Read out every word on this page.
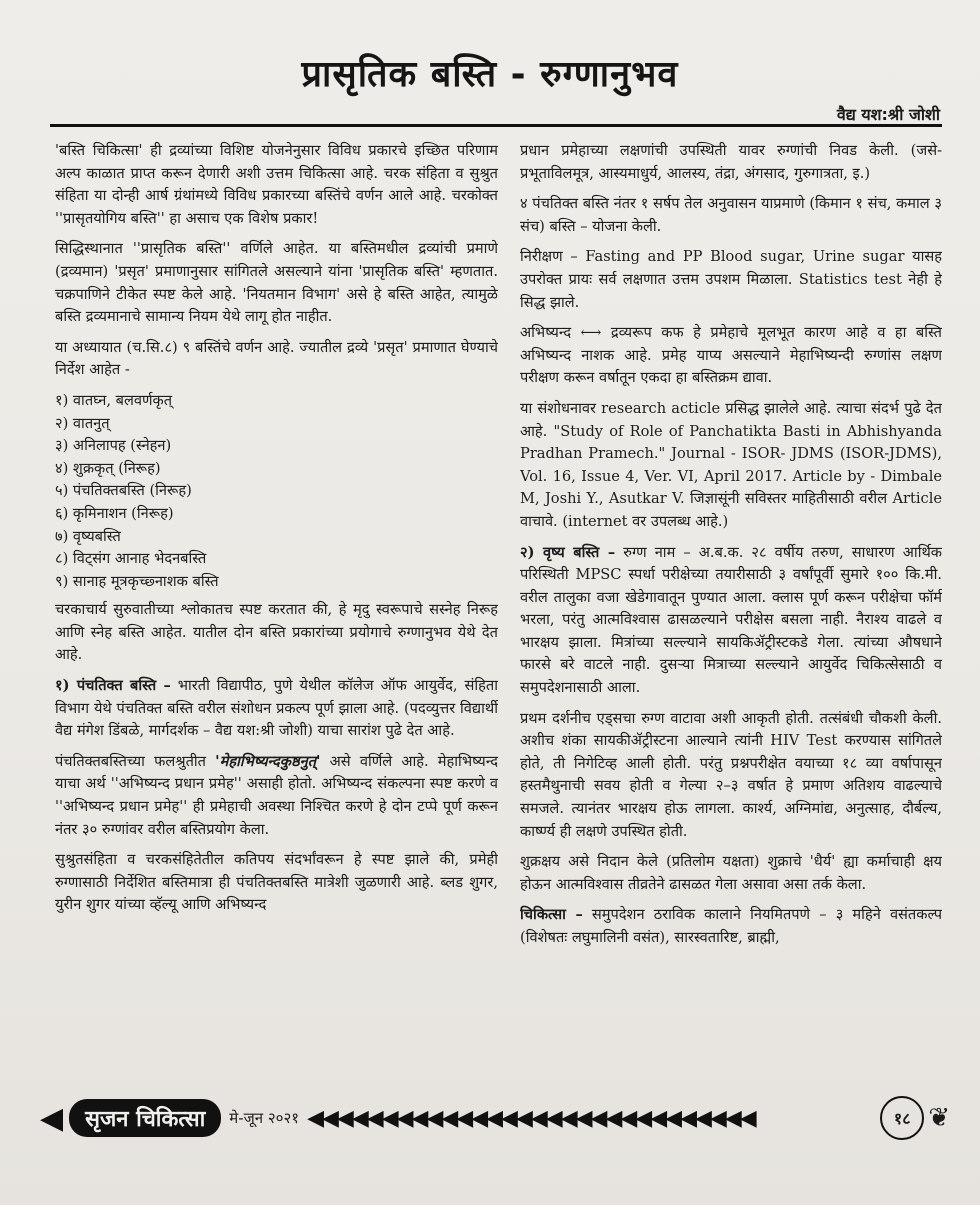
प्रासृतिक बस्ति - रुग्णानुभव
वैद्य यश:श्री जोशी

'बस्ति चिकित्सा' ही द्रव्यांच्या विशिष्ट योजनेनुसार विविध प्रकारचे इच्छित परिणाम अल्प काळात प्राप्त करून देणारी अशी उत्तम चिकित्सा आहे. चरक संहिता व सुश्रुत संहिता या दोन्ही आर्ष ग्रंथांमध्ये विविध प्रकारच्या बस्तिंचे वर्णन आले आहे. चरकोक्त ''प्रासृतयोगिय बस्ति'' हा असाच एक विशेष प्रकार!

सिद्धिस्थानात ''प्रासृतिक बस्ति'' वर्णिले आहेत. या बस्तिमधील द्रव्यांची प्रमाणे (द्रव्यमान) 'प्रसृत' प्रमाणानुसार सांगितले असल्याने यांना 'प्रासृतिक बस्ति' म्हणतात. चक्रपाणिने टीकेत स्पष्ट केले आहे. 'नियतमान विभाग' असे हे बस्ति आहेत, त्यामुळे बस्ति द्रव्यमानाचे सामान्य नियम येथे लागू होत नाहीत.

या अध्यायात (च.सि.८) ९ बस्तिंचे वर्णन आहे. ज्यातील द्रव्ये 'प्रसृत' प्रमाणात घेण्याचे निर्देश आहेत -

१) वातघ्न, बलवर्णकृत्
२) वातनुत्
३) अनिलापह (स्नेहन)
४) शुक्रकृत् (निरूह)
५) पंचतिक्तबस्ति (निरूह)
६) कृमिनाशन (निरूह)
७) वृष्यबस्ति
८) विट्संग आनाह भेदनबस्ति
९) सानाह मूत्रकृच्छ्नाशक बस्ति

चरकाचार्य सुरुवातीच्या श्लोकातच स्पष्ट करतात की, हे मृदु स्वरूपाचे सस्नेह निरूह आणि स्नेह बस्ति आहेत. यातील दोन बस्ति प्रकारांच्या प्रयोगाचे रुग्णानुभव येथे देत आहे.

१) पंचतिक्त बस्ति – भारती विद्यापीठ, पुणे येथील कॉलेज ऑफ आयुर्वेद, संहिता विभाग येथे पंचतिक्त बस्ति वरील संशोधन प्रकल्प पूर्ण झाला आहे. (पदव्युत्तर विद्यार्थी वैद्य मंगेश डिंबळे, मार्गदर्शक – वैद्य यश:श्री जोशी) याचा सारांश पुढे देत आहे.

पंचतिक्तबस्तिच्या फलश्रुतीत 'मेहाभिष्यन्दकुष्ठनुत्' असे वर्णिले आहे. मेहाभिष्यन्द याचा अर्थ ''अभिष्यन्द प्रधान प्रमेह'' असाही होतो. अभिष्यन्द संकल्पना स्पष्ट करणे व ''अभिष्यन्द प्रधान प्रमेह'' ही प्रमेहाची अवस्था निश्चित करणे हे दोन टप्पे पूर्ण करून नंतर ३० रुग्णांवर वरील बस्तिप्रयोग केला.

सुश्रुतसंहिता व चरकसंहितेतील कतिपय संदर्भांवरून हे स्पष्ट झाले की, प्रमेही रुग्णासाठी निर्देशित बस्तिमात्रा ही पंचतिक्तबस्ति मात्रेशी जुळणारी आहे. ब्लड शुगर, युरीन शुगर यांच्या व्हॅल्यू आणि अभिष्यन्द

प्रधान प्रमेहाच्या लक्षणांची उपस्थिती यावर रुग्णांची निवड केली. (जसे- प्रभूताविलमूत्र, आस्यमाधुर्य, आलस्य, तंद्रा, अंगसाद, गुरुगात्रता, इ.)

४ पंचतिक्त बस्ति नंतर १ सर्षप तेल अनुवासन याप्रमाणे (किमान १ संच, कमाल ३ संच) बस्ति – योजना केली.

निरीक्षण – Fasting and PP Blood sugar, Urine sugar यासह उपरोक्त प्रायः सर्व लक्षणात उत्तम उपशम मिळाला. Statistics test नेही हे सिद्ध झाले.

अभिष्यन्द ⟷ द्रव्यरूप कफ हे प्रमेहाचे मूलभूत कारण आहे व हा बस्ति अभिष्यन्द नाशक आहे. प्रमेह याप्य असल्याने मेहाभिष्यन्दी रुग्णांस लक्षण परीक्षण करून वर्षातून एकदा हा बस्तिक्रम द्यावा.

या संशोधनावर research acticle प्रसिद्ध झालेले आहे. त्याचा संदर्भ पुढे देत आहे. "Study of Role of Panchatikta Basti in Abhishyanda Pradhan Pramech." Journal - ISOR- JDMS (ISOR-JDMS), Vol. 16, Issue 4, Ver. VI, April 2017. Article by - Dimbale M, Joshi Y., Asutkar V. जिज्ञासूंनी सविस्तर माहितीसाठी वरील Article वाचावे. (internet वर उपलब्ध आहे.)

२) वृष्य बस्ति – रुग्ण नाम – अ.ब.क. २८ वर्षीय तरुण, साधारण आर्थिक परिस्थिती MPSC स्पर्धा परीक्षेच्या तयारीसाठी ३ वर्षांपूर्वी सुमारे १०० कि.मी. वरील तालुका वजा खेडेगावातून पुण्यात आला. क्लास पूर्ण करून परीक्षेचा फॉर्म भरला, परंतु आत्मविश्वास ढासळल्याने परीक्षेस बसला नाही. नैराश्य वाढले व भारक्षय झाला. मित्रांच्या सल्ल्याने सायकिॲट्रीस्टकडे गेला. त्यांच्या औषधाने फारसे बरे वाटले नाही. दुसऱ्या मित्राच्या सल्ल्याने आयुर्वेद चिकित्सेसाठी व समुपदेशनासाठी आला.

प्रथम दर्शनीच एड्सचा रुग्ण वाटावा अशी आकृती होती. तत्संबंधी चौकशी केली. अशीच शंका सायकीॲट्रीस्टना आल्याने त्यांनी HIV Test करण्यास सांगितले होते, ती निगेटिव्ह आली होती. परंतु प्रश्नपरीक्षेत वयाच्या १८ व्या वर्षापासून हस्तमैथुनाची सवय होती व गेल्या २–३ वर्षात हे प्रमाण अतिशय वाढल्याचे समजले. त्यानंतर भारक्षय होऊ लागला. कार्श्य, अग्निमांद्य, अनुत्साह, दौर्बल्य, कार्ष्ण्य ही लक्षणे उपस्थित होती.

शुक्रक्षय असे निदान केले (प्रतिलोम यक्षता) शुक्राचे 'धैर्य' ह्या कर्माचाही क्षय होऊन आत्मविश्वास तीव्रतेने ढासळत गेला असावा असा तर्क केला.

चिकित्सा – समुपदेशन ठराविक कालाने नियमितपणे – ३ महिने वसंतकल्प (विशेषतः लघुमालिनी वसंत), सारस्वतारिष्ट, ब्राह्मी,

◀	सृजन चिकित्सा	मे-जून २०२१ ◀◀◀◀◀◀◀◀◀◀◀◀◀◀◀◀◀◀◀◀◀◀◀◀◀◀◀◀◀◀	१८ ❦
